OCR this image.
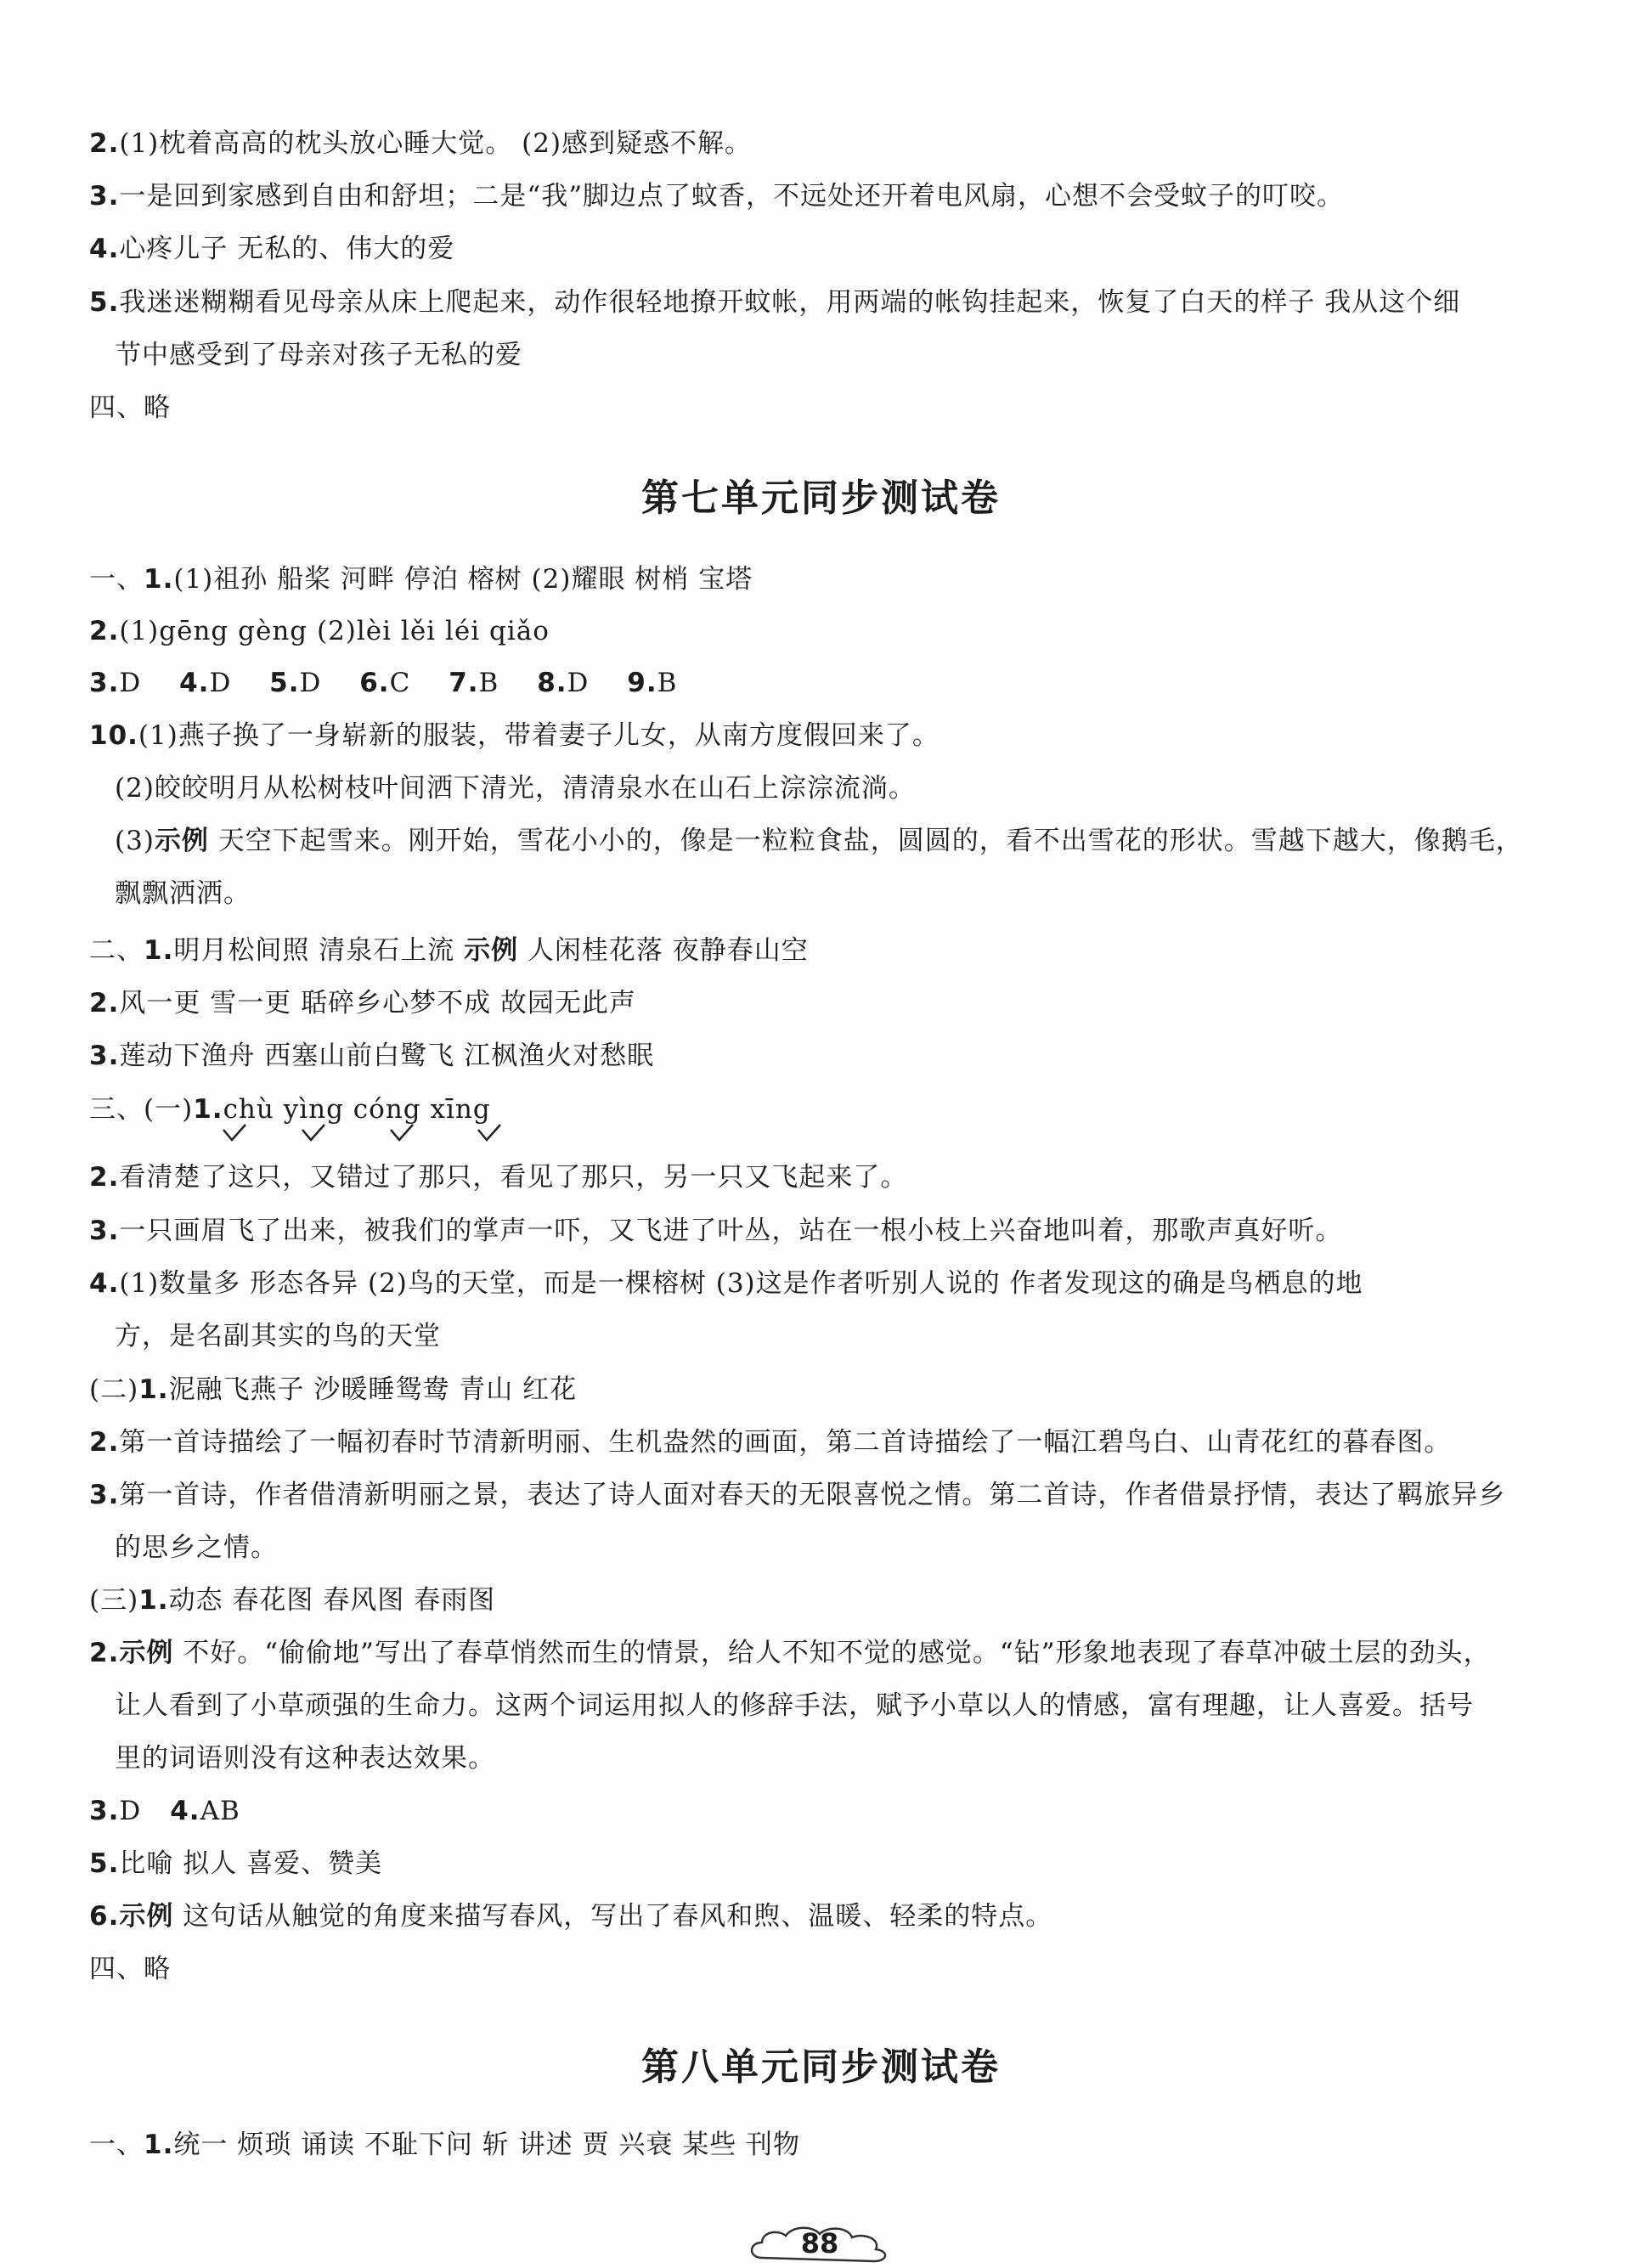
2.(1)枕着高高的枕头放心睡大觉。 (2)感到疑惑不解。
3.一是回到家感到自由和舒坦；二是“我”脚边点了蚊香，不远处还开着电风扇，心想不会受蚊子的叮咬。
4.心疼儿子 无私的、伟大的爱
5.我迷迷糊糊看见母亲从床上爬起来，动作很轻地撩开蚊帐，用两端的帐钩挂起来，恢复了白天的样子 我从这个细
节中感受到了母亲对孩子无私的爱
四、略
第七单元同步测试卷
一、1.(1)祖孙 船桨 河畔 停泊 榕树 (2)耀眼 树梢 宝塔
2.(1)gēng gèng (2)lèi lěi léi qiǎo
3.D 4.D 5.D 6.C 7.B 8.D 9.B
10.(1)燕子换了一身崭新的服装，带着妻子儿女，从南方度假回来了。
(2)皎皎明月从松树枝叶间洒下清光，清清泉水在山石上淙淙流淌。
(3)示例 天空下起雪来。刚开始，雪花小小的，像是一粒粒食盐，圆圆的，看不出雪花的形状。雪越下越大，像鹅毛，
飘飘洒洒。
二、1.明月松间照 清泉石上流 示例 人闲桂花落 夜静春山空
2.风一更 雪一更 聒碎乡心梦不成 故园无此声
3.莲动下渔舟 西塞山前白鹭飞 江枫渔火对愁眠
三、(一)1.chù yìng cóng xīng
2.看清楚了这只，又错过了那只，看见了那只，另一只又飞起来了。
3.一只画眉飞了出来，被我们的掌声一吓，又飞进了叶丛，站在一根小枝上兴奋地叫着，那歌声真好听。
4.(1)数量多 形态各异 (2)鸟的天堂，而是一棵榕树 (3)这是作者听别人说的 作者发现这的确是鸟栖息的地
方，是名副其实的鸟的天堂
(二)1.泥融飞燕子 沙暖睡鸳鸯 青山 红花
2.第一首诗描绘了一幅初春时节清新明丽、生机盎然的画面，第二首诗描绘了一幅江碧鸟白、山青花红的暮春图。
3.第一首诗，作者借清新明丽之景，表达了诗人面对春天的无限喜悦之情。第二首诗，作者借景抒情，表达了羁旅异乡
的思乡之情。
(三)1.动态 春花图 春风图 春雨图
2.示例 不好。“偷偷地”写出了春草悄然而生的情景，给人不知不觉的感觉。“钻”形象地表现了春草冲破土层的劲头，
让人看到了小草顽强的生命力。这两个词运用拟人的修辞手法，赋予小草以人的情感，富有理趣，让人喜爱。括号
里的词语则没有这种表达效果。
3.D 4.AB
5.比喻 拟人 喜爱、赞美
6.示例 这句话从触觉的角度来描写春风，写出了春风和煦、温暖、轻柔的特点。
四、略
第八单元同步测试卷
一、1.统一 烦琐 诵读 不耻下问 斩 讲述 贾 兴衰 某些 刊物
88
